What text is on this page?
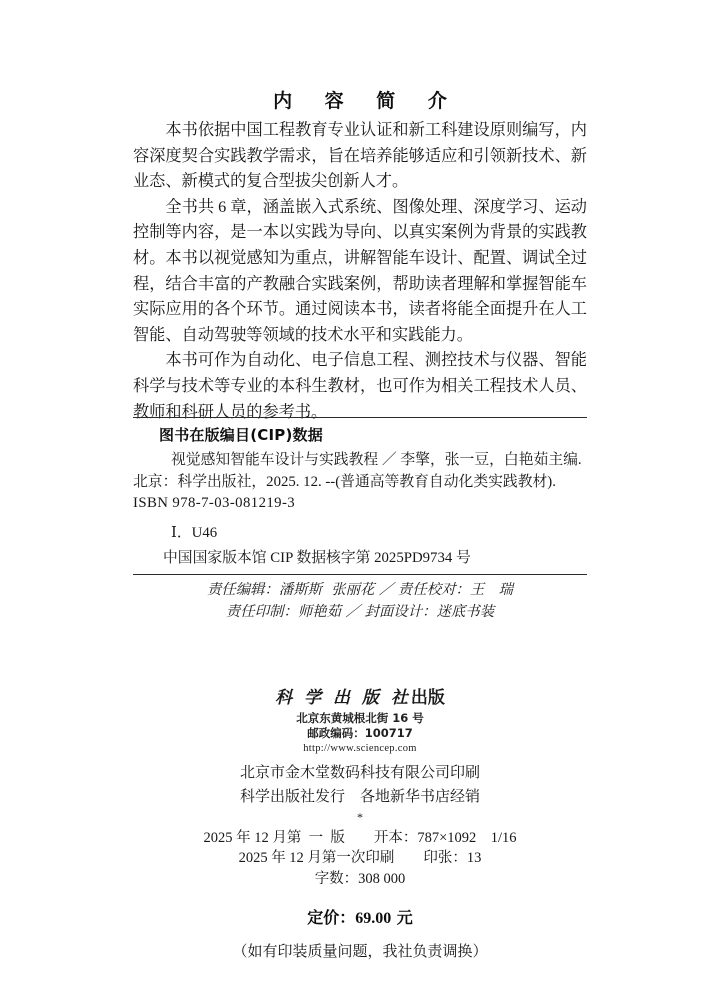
内 容 简 介

本书依据中国工程教育专业认证和新工科建设原则编写，内容深度契合实践教学需求，旨在培养能够适应和引领新技术、新业态、新模式的复合型拔尖创新人才。

全书共 6 章，涵盖嵌入式系统、图像处理、深度学习、运动控制等内容，是一本以实践为导向、以真实案例为背景的实践教材。本书以视觉感知为重点，讲解智能车设计、配置、调试全过程，结合丰富的产教融合实践案例，帮助读者理解和掌握智能车实际应用的各个环节。通过阅读本书，读者将能全面提升在人工智能、自动驾驶等领域的技术水平和实践能力。

本书可作为自动化、电子信息工程、测控技术与仪器、智能科学与技术等专业的本科生教材，也可作为相关工程技术人员、教师和科研人员的参考书。

图书在版编目(CIP)数据
视觉感知智能车设计与实践教程 ／ 李擎，张一豆，白艳茹主编.
北京：科学出版社，2025. 12. --(普通高等教育自动化类实践教材).
ISBN 978-7-03-081219-3
Ⅰ．U46
中国国家版本馆 CIP 数据核字第 2025PD9734 号
责任编辑：潘斯斯  张丽花 ／ 责任校对：王　瑞
责任印制：师艳茹 ／ 封面设计：迷底书装
科 学 出 版 社出版
北京东黄城根北街 16 号
邮政编码：100717
http://www.sciencep.com
北京市金木堂数码科技有限公司印刷
科学出版社发行　各地新华书店经销
*
2025 年 12 月第  一  版　　开本：787×1092　1/16
2025 年 12 月第一次印刷　　印张：13
字数：308 000
定价：69.00 元
（如有印装质量问题，我社负责调换）
